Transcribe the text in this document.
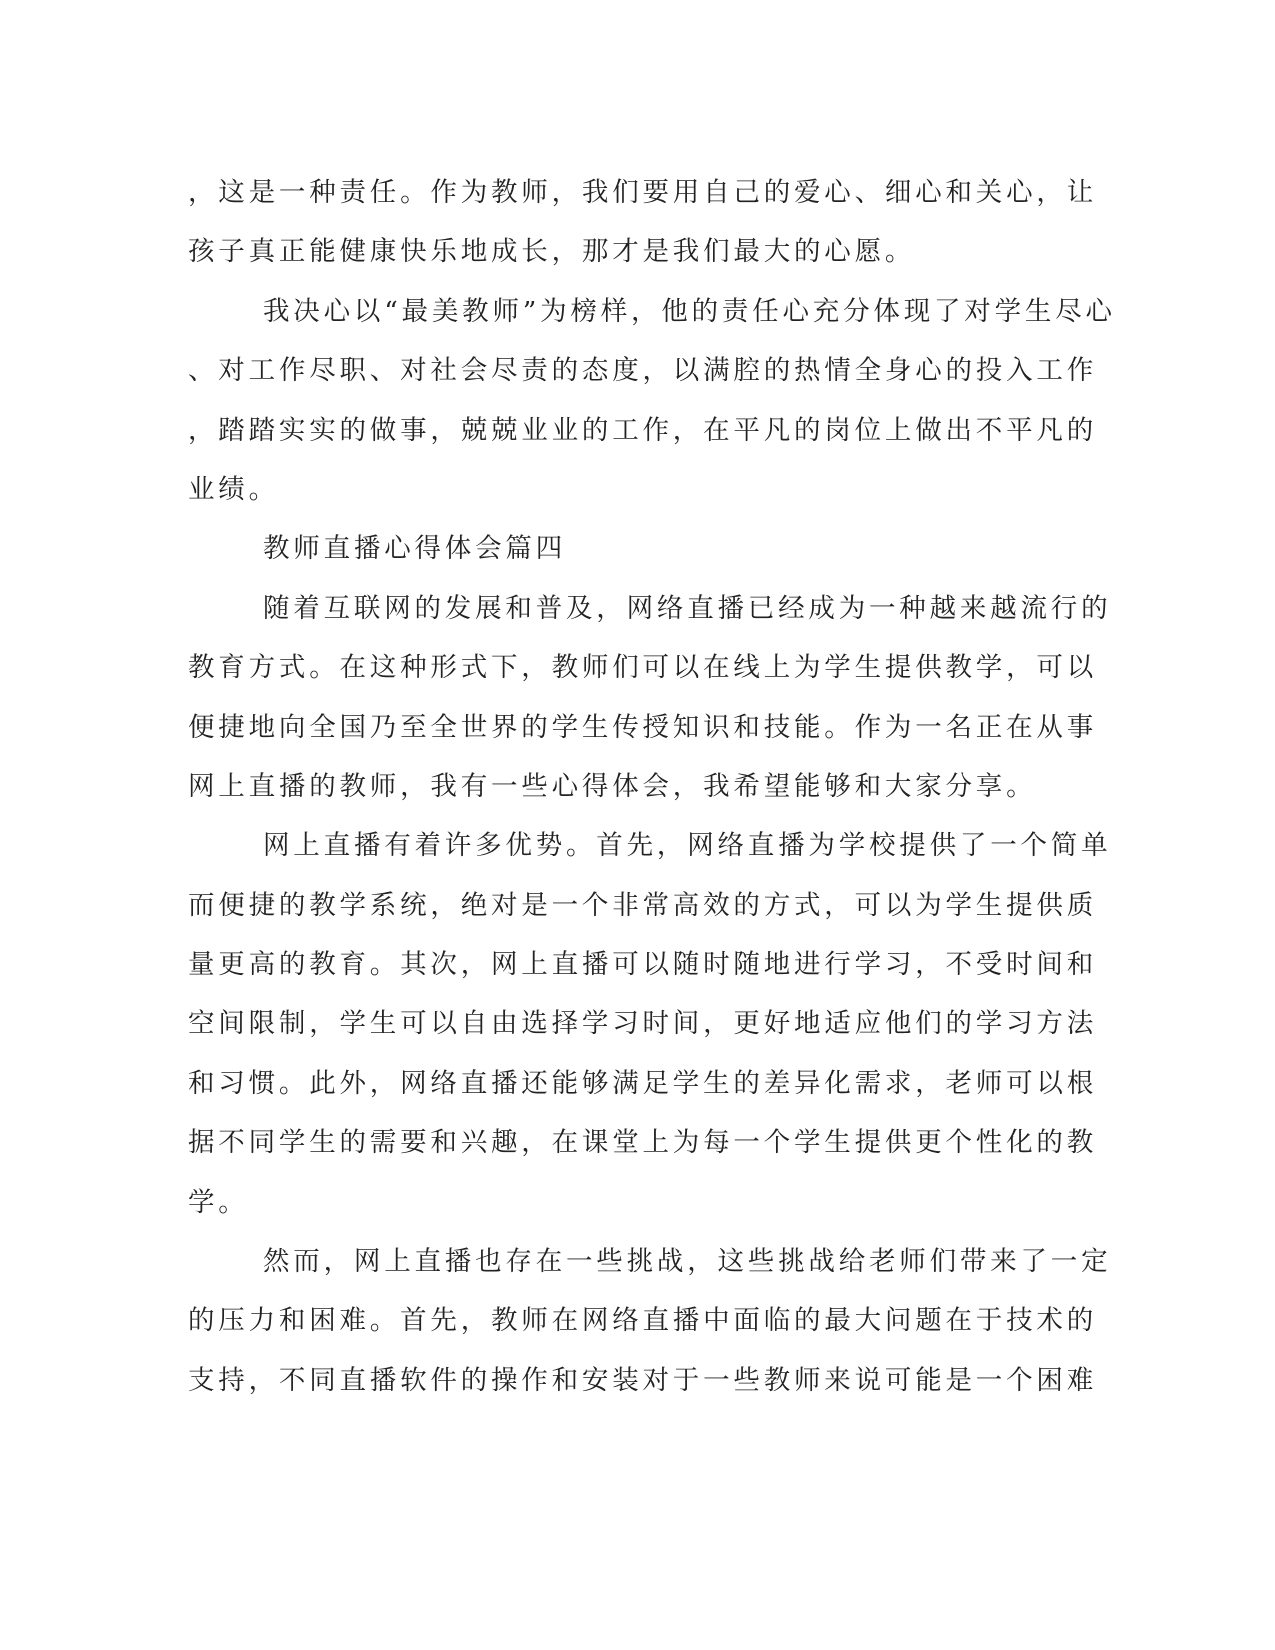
，这是一种责任。作为教师，我们要用自己的爱心、细心和关心，让
孩子真正能健康快乐地成长，那才是我们最大的心愿。
我决心以“最美教师”为榜样，他的责任心充分体现了对学生尽心
、对工作尽职、对社会尽责的态度，以满腔的热情全身心的投入工作
，踏踏实实的做事，兢兢业业的工作，在平凡的岗位上做出不平凡的
业绩。
教师直播心得体会篇四
随着互联网的发展和普及，网络直播已经成为一种越来越流行的
教育方式。在这种形式下，教师们可以在线上为学生提供教学，可以
便捷地向全国乃至全世界的学生传授知识和技能。作为一名正在从事
网上直播的教师，我有一些心得体会，我希望能够和大家分享。
网上直播有着许多优势。首先，网络直播为学校提供了一个简单
而便捷的教学系统，绝对是一个非常高效的方式，可以为学生提供质
量更高的教育。其次，网上直播可以随时随地进行学习，不受时间和
空间限制，学生可以自由选择学习时间，更好地适应他们的学习方法
和习惯。此外，网络直播还能够满足学生的差异化需求，老师可以根
据不同学生的需要和兴趣，在课堂上为每一个学生提供更个性化的教
学。
然而，网上直播也存在一些挑战，这些挑战给老师们带来了一定
的压力和困难。首先，教师在网络直播中面临的最大问题在于技术的
支持，不同直播软件的操作和安装对于一些教师来说可能是一个困难
